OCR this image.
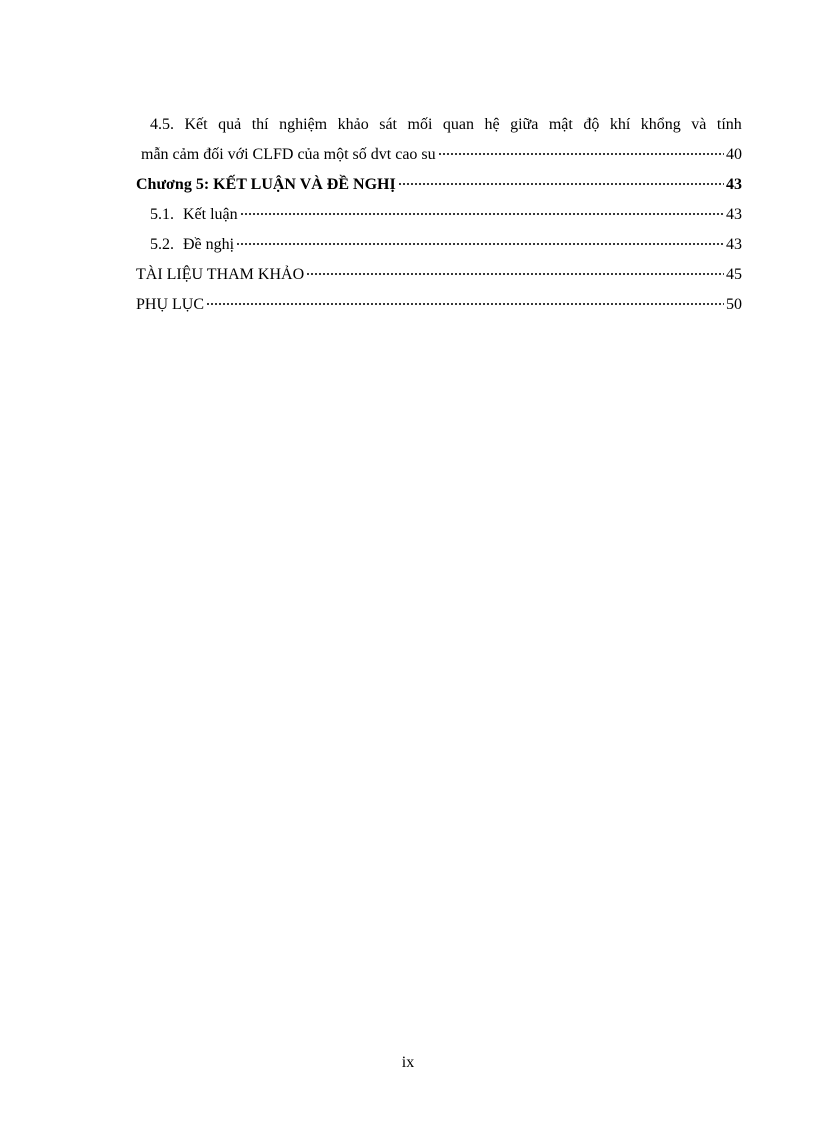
4.5. Kết quả thí nghiệm khảo sát mối quan hệ giữa mật độ khí khổng và tính
mẫn cảm đối với CLFD của một số dvt cao su	40
Chương 5: KẾT LUẬN VÀ ĐỀ NGHỊ	43
5.1. Kết luận	43
5.2. Đề nghị	43
TÀI LIỆU THAM KHẢO	45
PHỤ LỤC	50
ix
